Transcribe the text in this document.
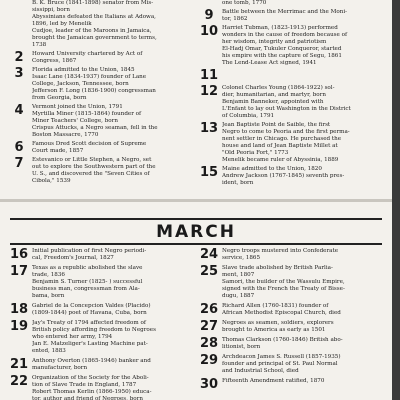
B. K. Bruce (1841-1898) senator from Mis-
sissippi, born
Abyssinians defeated the Italians at Adowa,
1896, led by Menelik
Cudjoe, leader of the Maroons in Jamaica,
brought the Jamaican government to terms,
1738
2	Howard University chartered by Act of
Congress, 1867
3	Florida admitted to the Union, 1845
Isaac Lane (1834-1937) founder of Lane
College, Jackson, Tennessee, born
Jefferson F. Long (1836-1900) congressman
from Georgia, born
4	Vermont joined the Union, 1791
Myrtilla Miner (1815-1864) founder of
Miner Teachers' College, born
Crispus Attucks, a Negro seaman, fell in the
Boston Massacre, 1770
6	Famous Dred Scott decision of Supreme
Court made, 1857
7	Estevanico or Little Stephen, a Negro, set
out to explore the Southwestern part of the
U. S., and discovered the "Seven Cities of
Cibola," 1539
one tomb, 1770
9	Battle between the Merrimac and the Moni-
tor, 1862
10 Harriet Tubman, (1823-1913) performed
wonders in the cause of freedom because of
her wisdom, integrity and patriotism
El-Hadj Omar, Tukuler Conqueror, started
his empire with the capture of Segu, 1861
The Lend-Lease Act signed, 1941
11
12 Colonel Charles Young (1864-1922) sol-
dier, humanitarian, and martyr, born
Benjamin Banneker, appointed with
L'Enfant to lay out Washington in the District
of Columbia, 1791
13 Jean Baptiste Point de Saible, the first
Negro to come to Peoria and the first perma-
nent settler in Chicago. He purchased the
house and land of Jean Baptiste Millet at
"Old Peoria Fort," 1773
Menelik became ruler of Abyssinia, 1889
15 Maine admitted to the Union, 1820
Andrew Jackson (1767-1845) seventh pres-
ident, born
MARCH
16 Initial publication of first Negro periodi-
cal, Freedom's Journal, 1827
17 Texas as a republic abolished the slave
trade, 1836
Benjamin S. Turner (1825- ) successful
business man, congressman from Ala-
bama, born
18 Gabriel de la Concepcion Valdes (Placido)
(1809-1844) poet of Havana, Cuba, born
19 Jay's Treaty of 1794 affected freedom of
British policy affording freedom to Negroes
who entered her army, 1794
Jan E. Matzeliger's Lasting Machine pat-
ented, 1883
21 Anthony Overton (1865-1946) banker and
manufacturer, born
22 Organization of the Society for the Aboli-
tion of Slave Trade in England, 1787
Robert Thomas Kerlin (1866-1950) educa-
tor, author and friend of Negroes, born
24 Negro troops mustered into Confederate
service, 1865
25 Slave trade abolished by British Parlia-
ment, 1807
Samori, the builder of the Wassulu Empire,
signed with the French the Treaty of Bisse-
dugu, 1887
26 Richard Allen (1760-1831) founder of
African Methodist Episcopal Church, died
27 Negroes as seamen, soldiers, explorers
brought to America as early as 1501
28 Thomas Clarkson (1760-1846) British abo-
litionist, born
29 Archdeacon James S. Russell (1857-1935)
founder and principal of St. Paul Normal
and Industrial School, died
30 Fifteenth Amendment ratified, 1870
